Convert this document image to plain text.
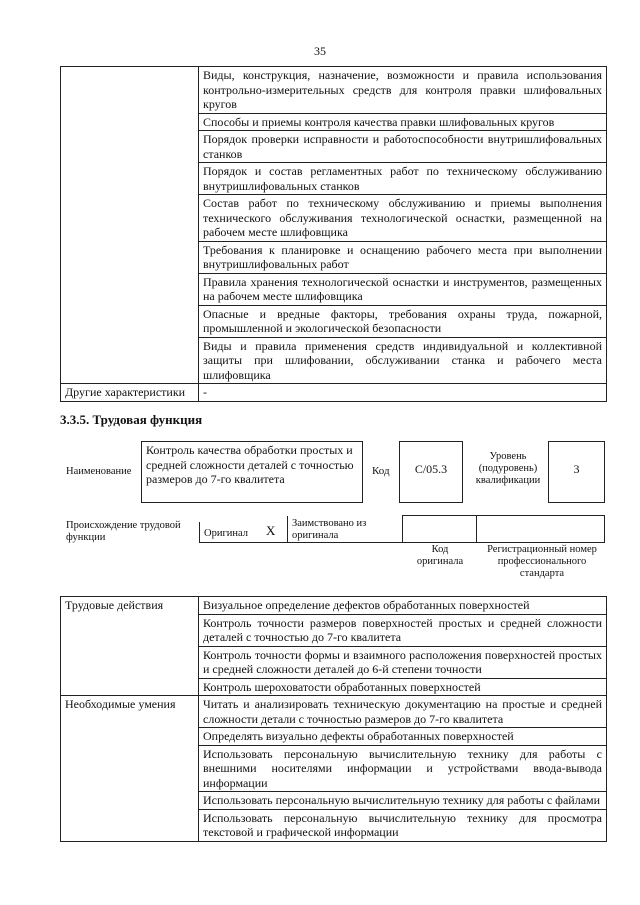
35
	Виды, конструкция, назначение, возможности и правила использования контрольно-измерительных средств для контроля правки шлифовальных кругов
	Способы и приемы контроля качества правки шлифовальных кругов
	Порядок проверки исправности и работоспособности внутришлифовальных станков
	Порядок и состав регламентных работ по техническому обслуживанию внутришлифовальных станков
	Состав работ по техническому обслуживанию и приемы выполнения технического обслуживания технологической оснастки, размещенной на рабочем месте шлифовщика
	Требования к планировке и оснащению рабочего места при выполнении внутришлифовальных работ
	Правила хранения технологической оснастки и инструментов, размещенных на рабочем месте шлифовщика
	Опасные и вредные факторы, требования охраны труда, пожарной, промышленной и экологической безопасности
	Виды и правила применения средств индивидуальной и коллективной защиты при шлифовании, обслуживании станка и рабочего места шлифовщика
Другие характеристики	-
3.3.5. Трудовая функция
Наименование
Контроль качества обработки простых и средней сложности деталей с точностью размеров до 7-го квалитета
Код	С/05.3
Уровень (подуровень) квалификации
3
Происхождение трудовой функции	Оригинал Х Заимствовано из оригинала
Код оригинала
Регистрационный номер профессионального стандарта
Трудовые действия	Визуальное определение дефектов обработанных поверхностей
	Контроль точности размеров поверхностей простых и средней сложности деталей с точностью до 7-го квалитета
	Контроль точности формы и взаимного расположения поверхностей простых и средней сложности деталей до 6-й степени точности
	Контроль шероховатости обработанных поверхностей
Необходимые умения	Читать и анализировать техническую документацию на простые и средней сложности детали с точностью размеров до 7-го квалитета
	Определять визуально дефекты обработанных поверхностей
	Использовать персональную вычислительную технику для работы с внешними носителями информации и устройствами ввода-вывода информации
	Использовать персональную вычислительную технику для работы с файлами
	Использовать персональную вычислительную технику для просмотра текстовой и графической информации
